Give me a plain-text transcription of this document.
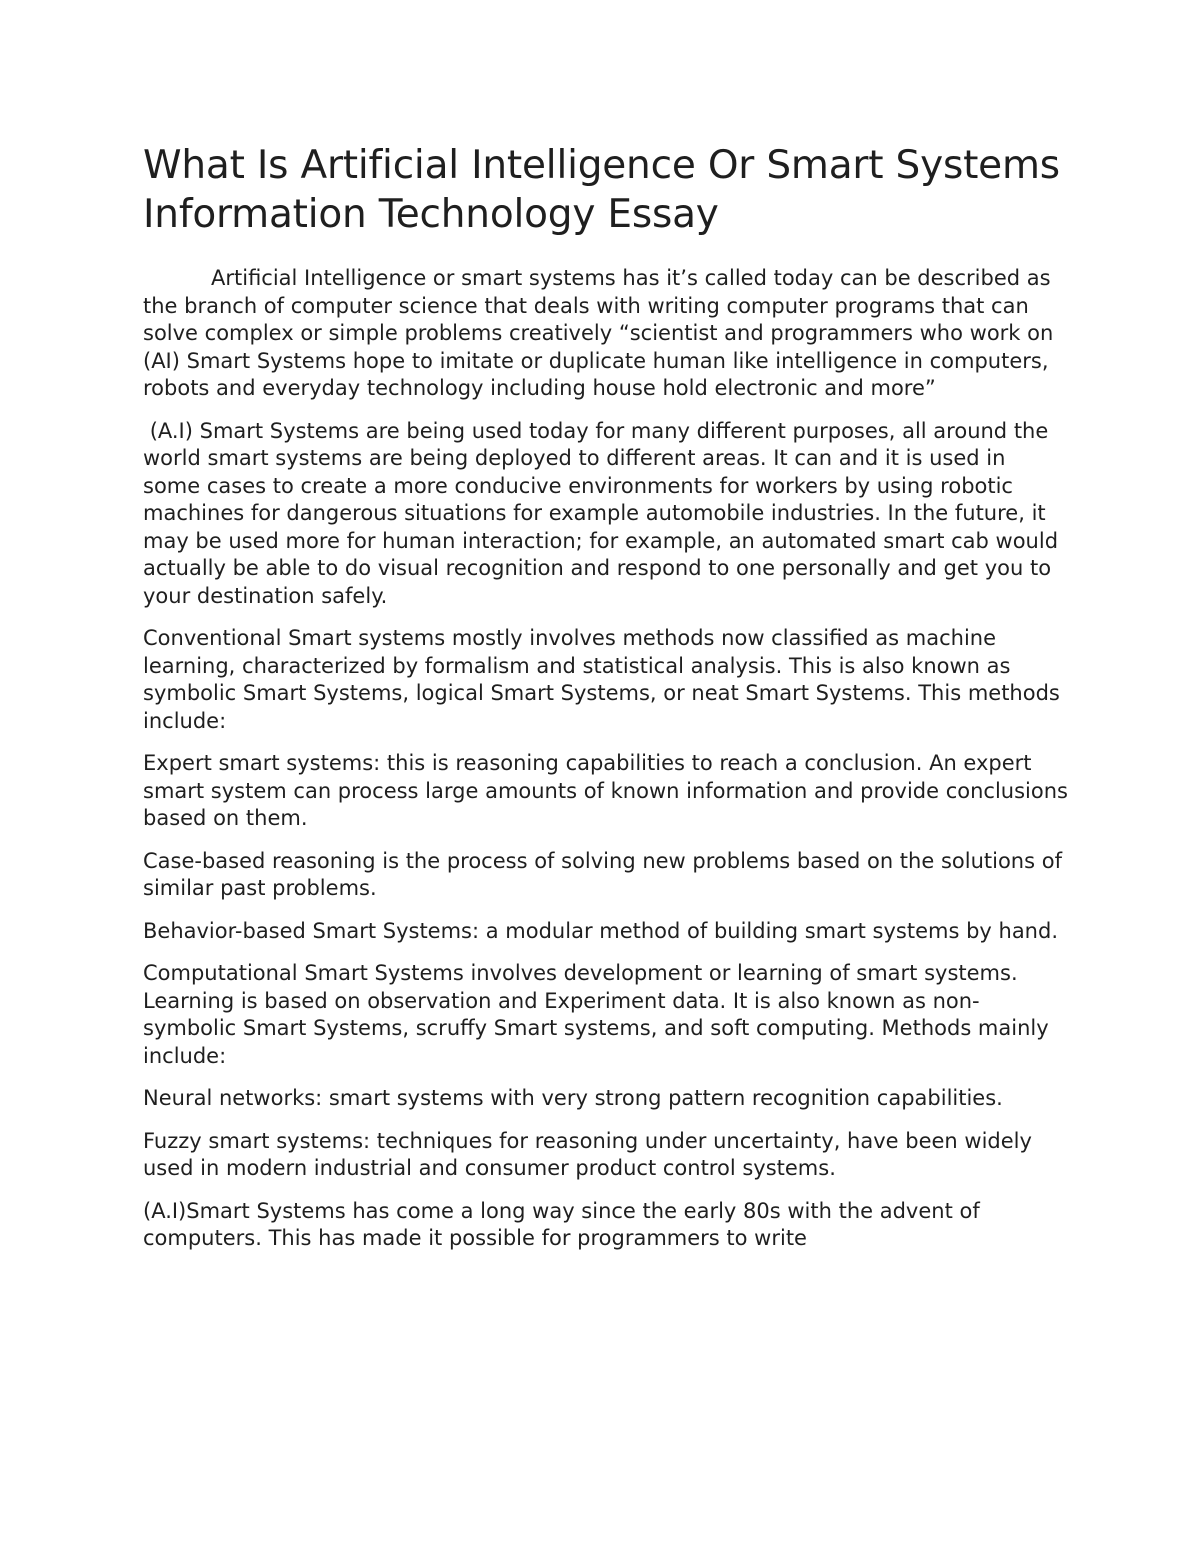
What Is Artificial Intelligence Or Smart Systems Information Technology Essay

Artificial Intelligence or smart systems has it’s called today can be described as the branch of computer science that deals with writing computer programs that can solve complex or simple problems creatively “scientist and programmers who work on (AI) Smart Systems hope to imitate or duplicate human like intelligence in computers, robots and everyday technology including house hold electronic and more”

(A.I) Smart Systems are being used today for many different purposes, all around the world smart systems are being deployed to different areas. It can and it is used in some cases to create a more conducive environments for workers by using robotic machines for dangerous situations for example automobile industries. In the future, it may be used more for human interaction; for example, an automated smart cab would actually be able to do visual recognition and respond to one personally and get you to your destination safely.

Conventional Smart systems mostly involves methods now classified as machine learning, characterized by formalism and statistical analysis. This is also known as symbolic Smart Systems, logical Smart Systems, or neat Smart Systems. This methods include:

Expert smart systems: this is reasoning capabilities to reach a conclusion. An expert smart system can process large amounts of known information and provide conclusions based on them.

Case-based reasoning is the process of solving new problems based on the solutions of similar past problems.

Behavior-based Smart Systems: a modular method of building smart systems by hand.

Computational Smart Systems involves development or learning of smart systems. Learning is based on observation and Experiment data. It is also known as non-symbolic Smart Systems, scruffy Smart systems, and soft computing. Methods mainly include:

Neural networks: smart systems with very strong pattern recognition capabilities.

Fuzzy smart systems: techniques for reasoning under uncertainty, have been widely used in modern industrial and consumer product control systems.

(A.I)Smart Systems has come a long way since the early 80s with the advent of computers. This has made it possible for programmers to write
